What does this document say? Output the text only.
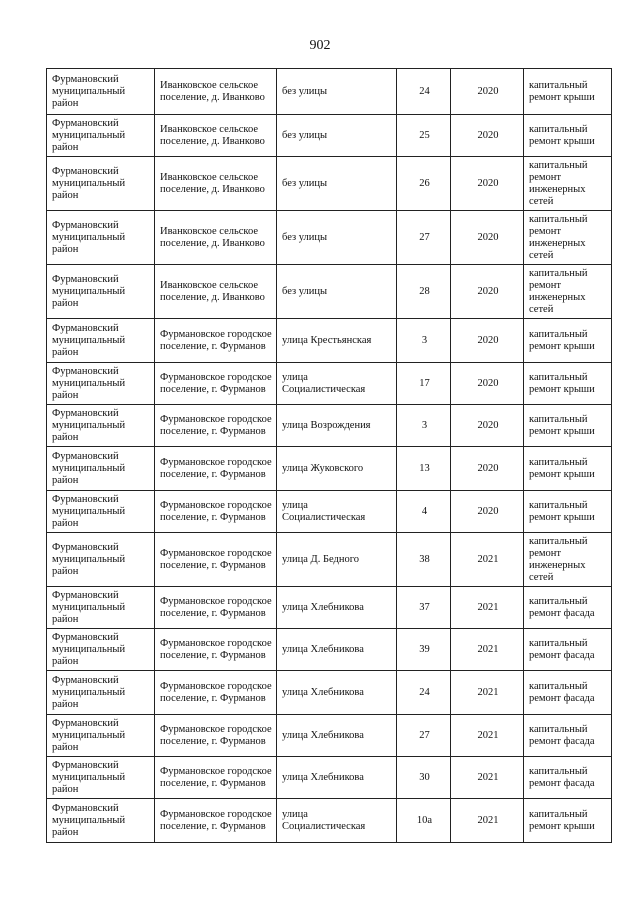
902
Фурмановский муниципальный район	Иванковское сельское поселение, д. Иванково	без улицы	24	2020	капитальный ремонт крыши
Фурмановский муниципальный район	Иванковское сельское поселение, д. Иванково	без улицы	25	2020	капитальный ремонт крыши
Фурмановский муниципальный район	Иванковское сельское поселение, д. Иванково	без улицы	26	2020	капитальный ремонт инженерных сетей
Фурмановский муниципальный район	Иванковское сельское поселение, д. Иванково	без улицы	27	2020	капитальный ремонт инженерных сетей
Фурмановский муниципальный район	Иванковское сельское поселение, д. Иванково	без улицы	28	2020	капитальный ремонт инженерных сетей
Фурмановский муниципальный район	Фурмановское городское поселение, г. Фурманов	улица Крестьянская	3	2020	капитальный ремонт крыши
Фурмановский муниципальный район	Фурмановское городское поселение, г. Фурманов	улица Социалистическая	17	2020	капитальный ремонт крыши
Фурмановский муниципальный район	Фурмановское городское поселение, г. Фурманов	улица Возрождения	3	2020	капитальный ремонт крыши
Фурмановский муниципальный район	Фурмановское городское поселение, г. Фурманов	улица Жуковского	13	2020	капитальный ремонт крыши
Фурмановский муниципальный район	Фурмановское городское поселение, г. Фурманов	улица Социалистическая	4	2020	капитальный ремонт крыши
Фурмановский муниципальный район	Фурмановское городское поселение, г. Фурманов	улица Д. Бедного	38	2021	капитальный ремонт инженерных сетей
Фурмановский муниципальный район	Фурмановское городское поселение, г. Фурманов	улица Хлебникова	37	2021	капитальный ремонт фасада
Фурмановский муниципальный район	Фурмановское городское поселение, г. Фурманов	улица Хлебникова	39	2021	капитальный ремонт фасада
Фурмановский муниципальный район	Фурмановское городское поселение, г. Фурманов	улица Хлебникова	24	2021	капитальный ремонт фасада
Фурмановский муниципальный район	Фурмановское городское поселение, г. Фурманов	улица Хлебникова	27	2021	капитальный ремонт фасада
Фурмановский муниципальный район	Фурмановское городское поселение, г. Фурманов	улица Хлебникова	30	2021	капитальный ремонт фасада
Фурмановский муниципальный район	Фурмановское городское поселение, г. Фурманов	улица Социалистическая	10а	2021	капитальный ремонт крыши
